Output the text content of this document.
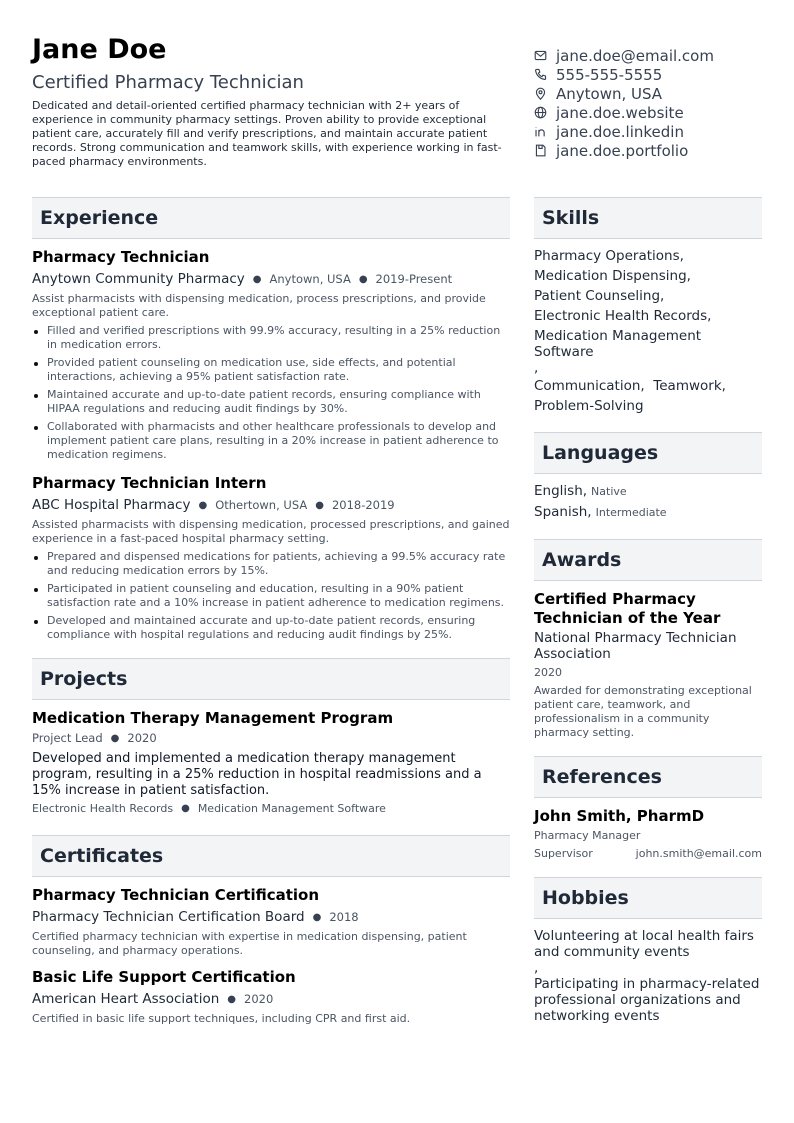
Jane Doe
Certified Pharmacy Technician
Dedicated and detail-oriented certified pharmacy technician with 2+ years of experience in community pharmacy settings. Proven ability to provide exceptional patient care, accurately fill and verify prescriptions, and maintain accurate patient records. Strong communication and teamwork skills, with experience working in fast-paced pharmacy environments.
jane.doe@email.com
555-555-5555
Anytown, USA
jane.doe.website
jane.doe.linkedin
jane.doe.portfolio
Experience
Pharmacy Technician
Anytown Community Pharmacy ● Anytown, USA ● 2019-Present
Assist pharmacists with dispensing medication, process prescriptions, and provide exceptional patient care.
Filled and verified prescriptions with 99.9% accuracy, resulting in a 25% reduction in medication errors.
Provided patient counseling on medication use, side effects, and potential interactions, achieving a 95% patient satisfaction rate.
Maintained accurate and up-to-date patient records, ensuring compliance with HIPAA regulations and reducing audit findings by 30%.
Collaborated with pharmacists and other healthcare professionals to develop and implement patient care plans, resulting in a 20% increase in patient adherence to medication regimens.
Pharmacy Technician Intern
ABC Hospital Pharmacy ● Othertown, USA ● 2018-2019
Assisted pharmacists with dispensing medication, processed prescriptions, and gained experience in a fast-paced hospital pharmacy setting.
Prepared and dispensed medications for patients, achieving a 99.5% accuracy rate and reducing medication errors by 15%.
Participated in patient counseling and education, resulting in a 90% patient satisfaction rate and a 10% increase in patient adherence to medication regimens.
Developed and maintained accurate and up-to-date patient records, ensuring compliance with hospital regulations and reducing audit findings by 25%.
Projects
Medication Therapy Management Program
Project Lead ● 2020
Developed and implemented a medication therapy management program, resulting in a 25% reduction in hospital readmissions and a 15% increase in patient satisfaction.
Electronic Health Records ● Medication Management Software
Certificates
Pharmacy Technician Certification
Pharmacy Technician Certification Board ● 2018
Certified pharmacy technician with expertise in medication dispensing, patient counseling, and pharmacy operations.
Basic Life Support Certification
American Heart Association ● 2020
Certified in basic life support techniques, including CPR and first aid.
Skills
Pharmacy Operations,
Medication Dispensing,
Patient Counseling,
Electronic Health Records,
Medication Management Software
,
Communication, Teamwork,
Problem-Solving
Languages
English, Native
Spanish, Intermediate
Awards
Certified Pharmacy Technician of the Year
National Pharmacy Technician Association
2020
Awarded for demonstrating exceptional patient care, teamwork, and professionalism in a community pharmacy setting.
References
John Smith, PharmD
Pharmacy Manager
Supervisor	john.smith@email.com
Hobbies
Volunteering at local health fairs and community events
,
Participating in pharmacy-related professional organizations and networking events
